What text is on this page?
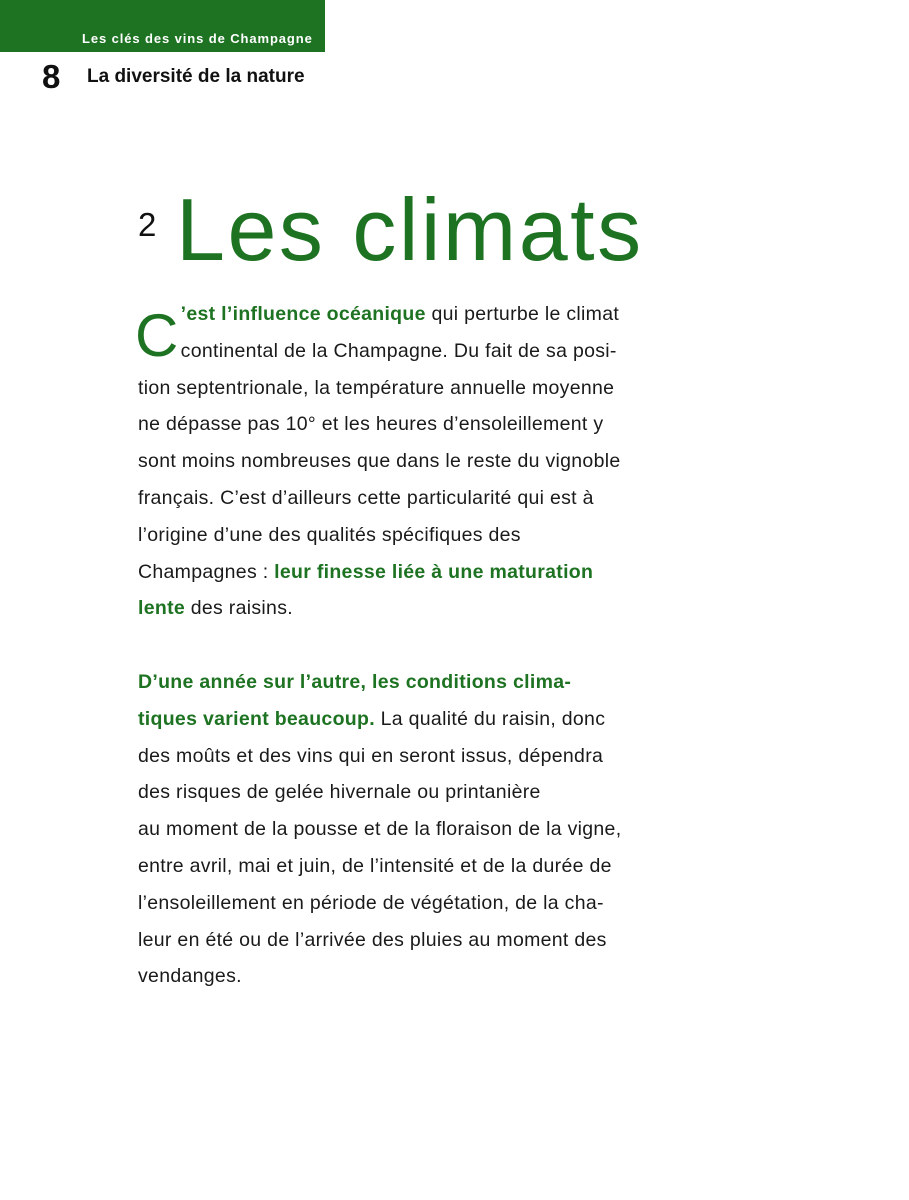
Les clés des vins de Champagne
8 La diversité de la nature
2 Les climats

C ’est l’influence océanique qui perturbe le climat
continental de la Champagne. Du fait de sa posi-
tion septentrionale, la température annuelle moyenne
ne dépasse pas 10° et les heures d’ensoleillement y
sont moins nombreuses que dans le reste du vignoble
français. C’est d’ailleurs cette particularité qui est à
l’origine d’une des qualités spécifiques des
Champagnes : leur finesse liée à une maturation
lente des raisins.

D’une année sur l’autre, les conditions clima-
tiques varient beaucoup. La qualité du raisin, donc
des moûts et des vins qui en seront issus, dépendra
des risques de gelée hivernale ou printanière
au moment de la pousse et de la floraison de la vigne,
entre avril, mai et juin, de l’intensité et de la durée de
l’ensoleillement en période de végétation, de la cha-
leur en été ou de l’arrivée des pluies au moment des
vendanges.
